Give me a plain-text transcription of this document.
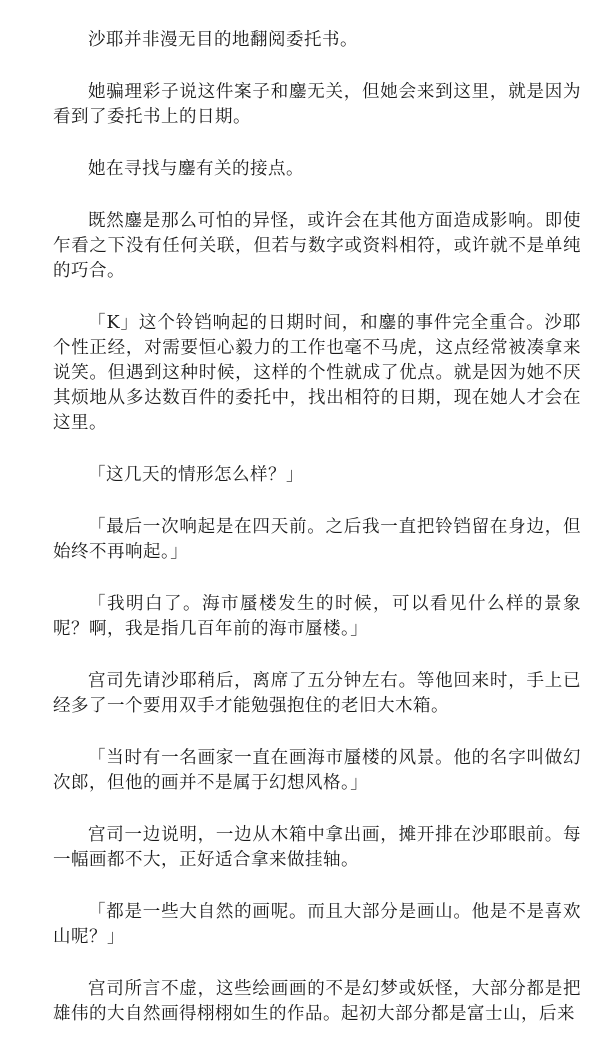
沙耶并非漫无目的地翻阅委托书。

她骗理彩子说这件案子和鏖无关，但她会来到这里，就是因为看到了委托书上的日期。

她在寻找与鏖有关的接点。

既然鏖是那么可怕的异怪，或许会在其他方面造成影响。即使乍看之下没有任何关联，但若与数字或资料相符，或许就不是单纯的巧合。

「K」这个铃铛响起的日期时间，和鏖的事件完全重合。沙耶个性正经，对需要恒心毅力的工作也毫不马虎，这点经常被凑拿来说笑。但遇到这种时候，这样的个性就成了优点。就是因为她不厌其烦地从多达数百件的委托中，找出相符的日期，现在她人才会在这里。

「这几天的情形怎么样？」

「最后一次响起是在四天前。之后我一直把铃铛留在身边，但始终不再响起。」

「我明白了。海市蜃楼发生的时候，可以看见什么样的景象呢？啊，我是指几百年前的海市蜃楼。」

宫司先请沙耶稍后，离席了五分钟左右。等他回来时，手上已经多了一个要用双手才能勉强抱住的老旧大木箱。

「当时有一名画家一直在画海市蜃楼的风景。他的名字叫做幻次郎，但他的画并不是属于幻想风格。」

宫司一边说明，一边从木箱中拿出画，摊开排在沙耶眼前。每一幅画都不大，正好适合拿来做挂轴。

「都是一些大自然的画呢。而且大部分是画山。他是不是喜欢山呢？」

宫司所言不虚，这些绘画画的不是幻梦或妖怪，大部分都是把雄伟的大自然画得栩栩如生的作品。起初大部分都是富士山，后来
